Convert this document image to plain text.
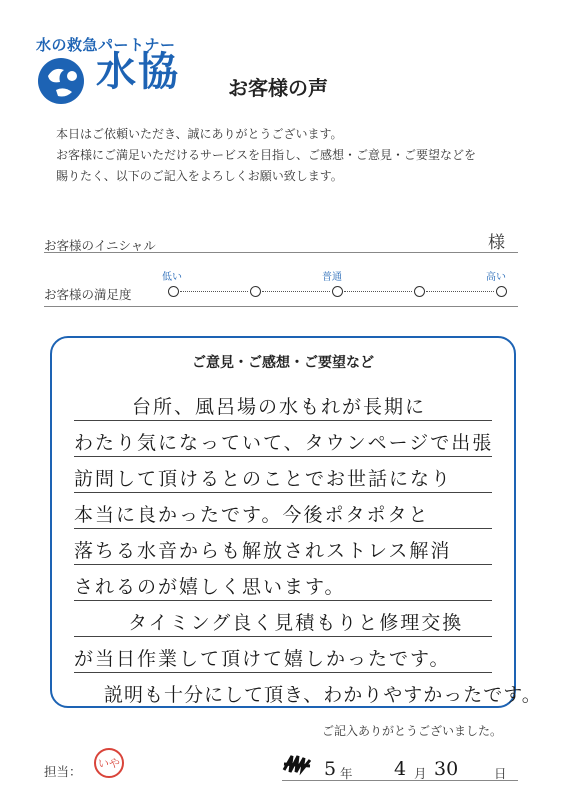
水の救急パートナー
水協 お客様の声
本日はご依頼いただき、誠にありがとうございます。
お客様にご満足いただけるサービスを目指し、ご感想・ご意見・ご要望などを
賜りたく、以下のご記入をよろしくお願い致します。
お客様のイニシャル	様
お客様の満足度
低い	普通	高い
ご意見・ご感想・ご要望など
台所、風呂場の水もれが長期に
わたり気になっていて、タウンページで出張
訪問して頂けるとのことでお世話になり
本当に良かったです。今後ポタポタと
落ちる水音からも解放されストレス解消
されるのが嬉しく思います。
タイミング良く見積もりと修理交換
が当日作業して頂けて嬉しかったです。
説明も十分にして頂き、わかりやすかったです。
ご記入ありがとうございました。
担当：
いや	5 年 4 月 30	日
